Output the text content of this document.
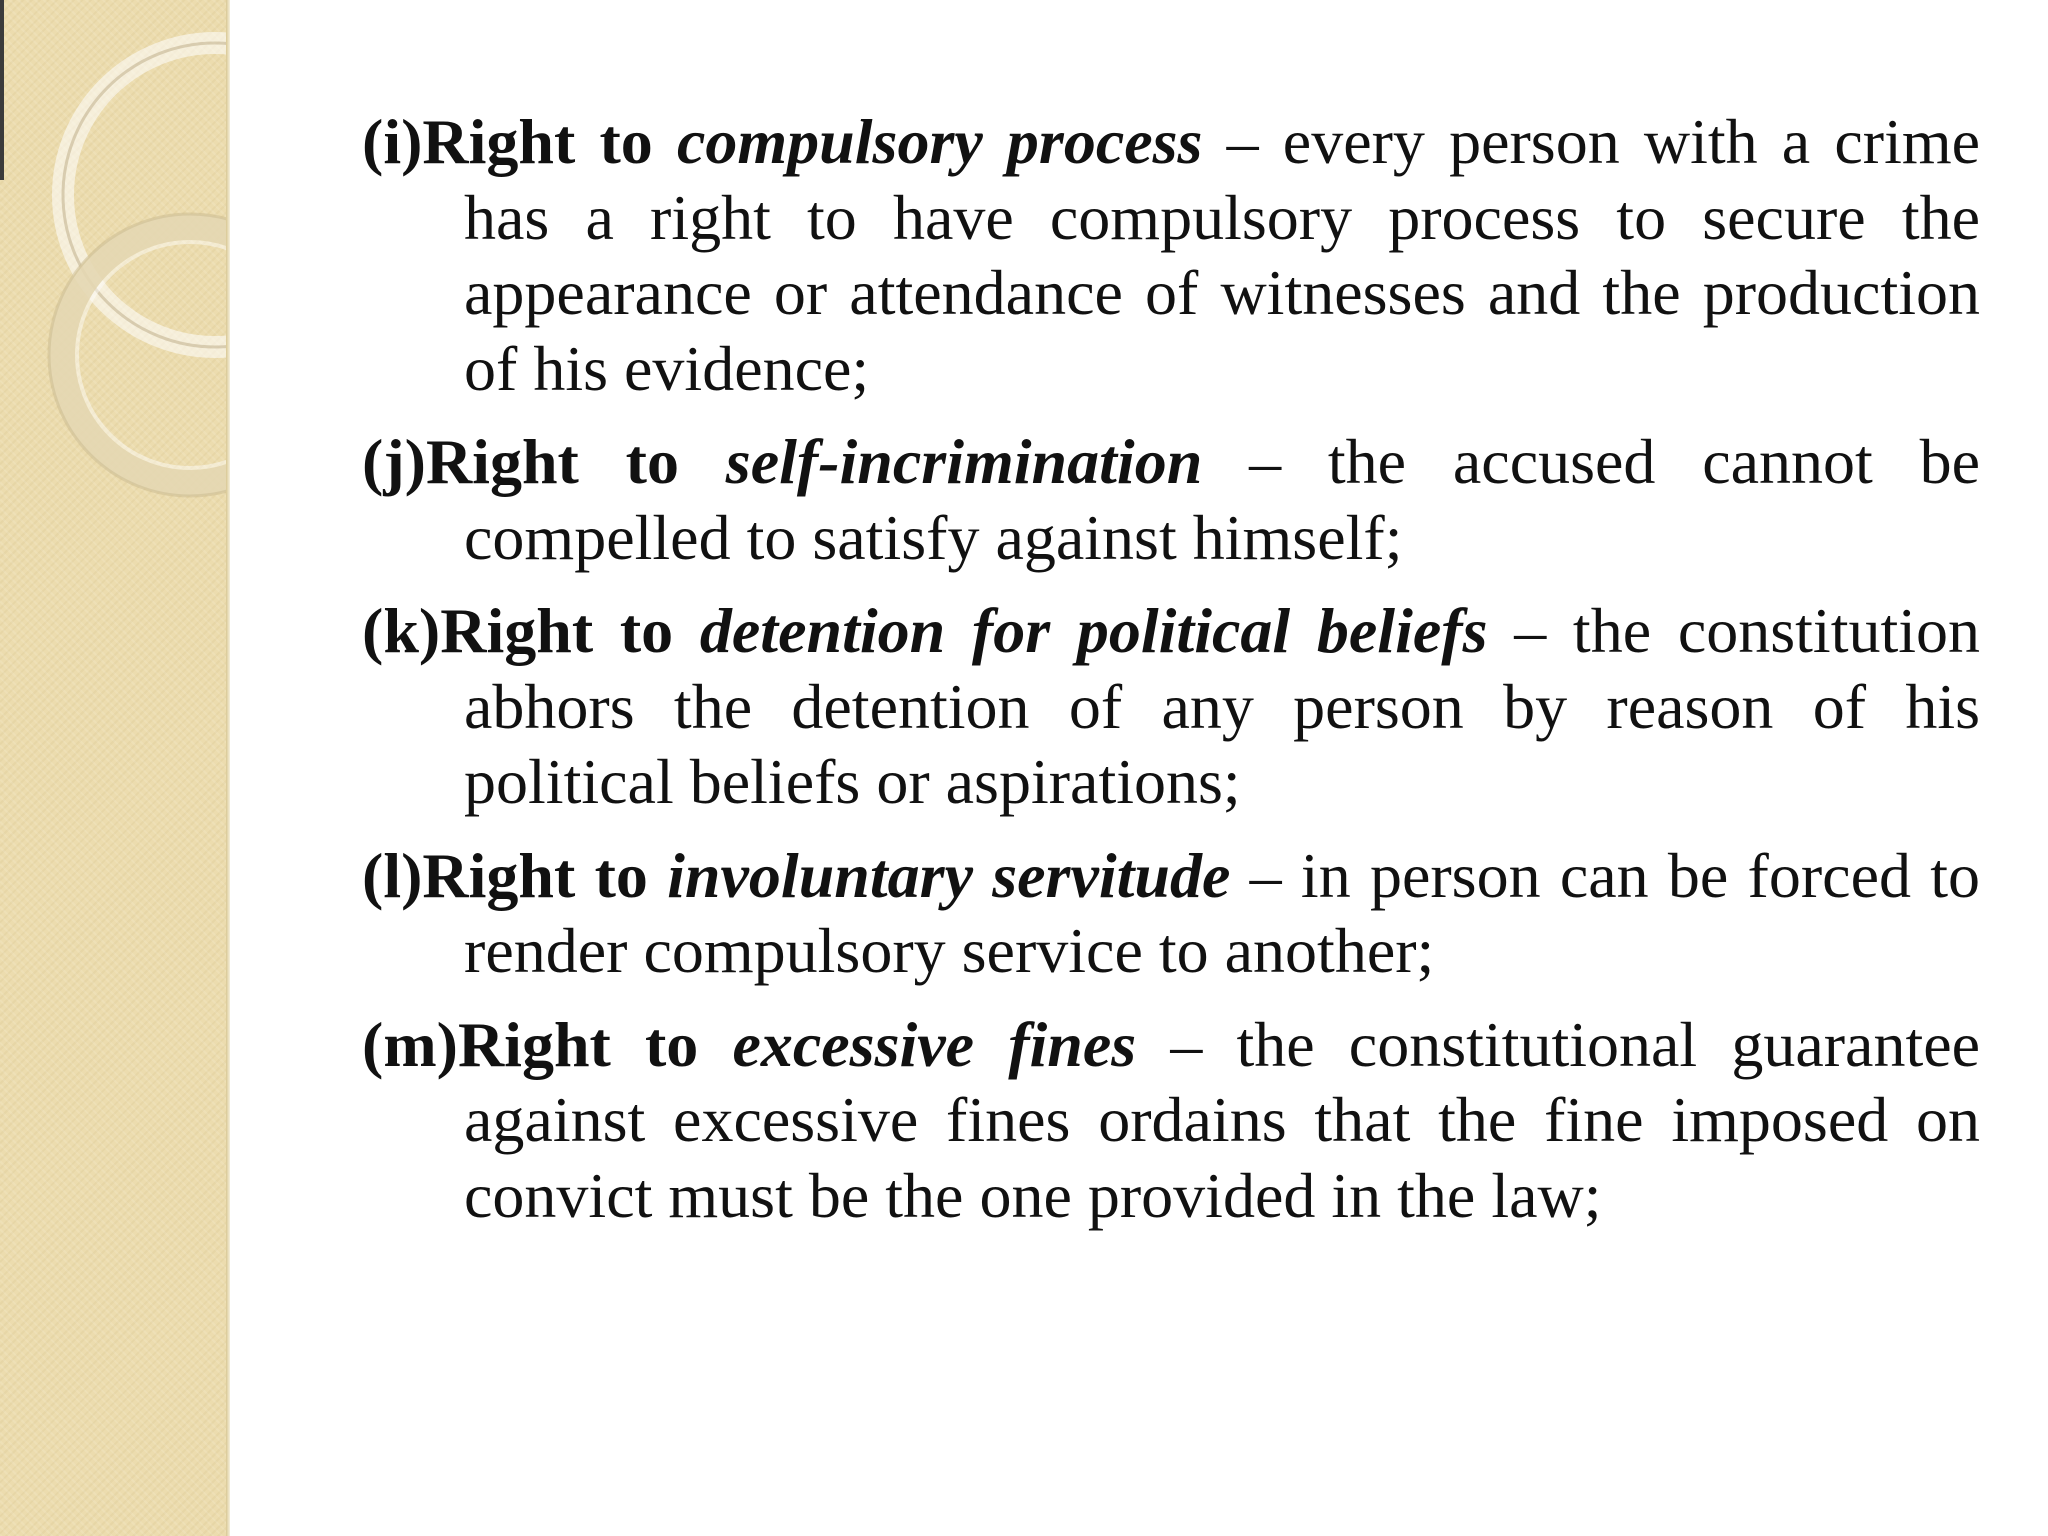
(i)Right to compulsory process – every person with a crime has a right to have compulsory process to secure the appearance or attendance of witnesses and the production of his evidence;

(j)Right to self-incrimination – the accused cannot be compelled to satisfy against himself;

(k)Right to detention for political beliefs – the constitution abhors the detention of any person by reason of his political beliefs or aspirations;

(l)Right to involuntary servitude – in person can be forced to render compulsory service to another;

(m)Right to excessive fines – the constitutional guarantee against excessive fines ordains that the fine imposed on convict must be the one provided in the law;
